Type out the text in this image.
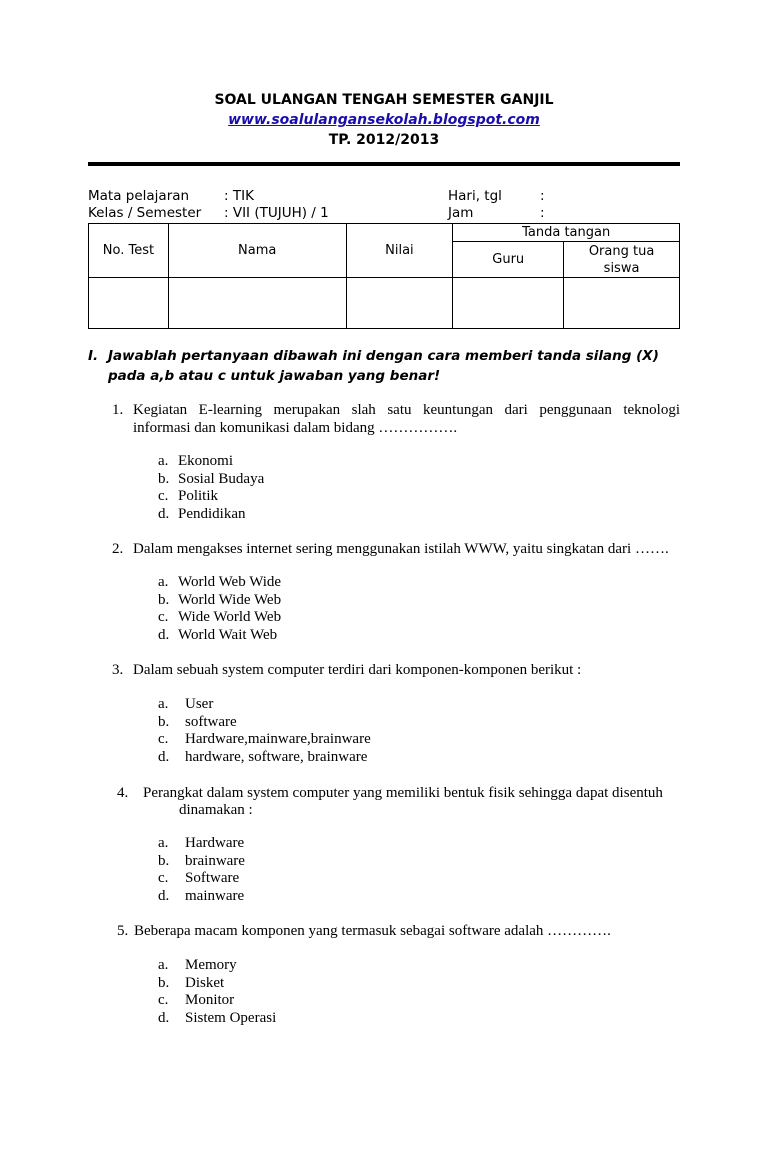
SOAL ULANGAN TENGAH SEMESTER GANJIL
www.soalulangansekolah.blogspot.com
TP. 2012/2013
Mata pelajaran	: TIK	Hari, tgl	:
Kelas / Semester : VII (TUJUH) / 1	Jam	:
No. Test	Nama	Nilai	Tanda tangan	
			Guru	Orang tua siswa

I. Jawablah pertanyaan dibawah ini dengan cara memberi tanda silang (X) pada a,b atau c untuk jawaban yang benar!
1. Kegiatan E-learning merupakan slah satu keuntungan dari penggunaan teknologi
informasi dan komunikasi dalam bidang …………….
a. Ekonomi
b. Sosial Budaya
c. Politik
d. Pendidikan
2. Dalam mengakses internet sering menggunakan istilah WWW, yaitu singkatan dari …….
a. World Web Wide
b. World Wide Web
c. Wide World Web
d. World Wait Web
3. Dalam sebuah system computer terdiri dari komponen-komponen berikut :
a. User
b. software
c. Hardware,mainware,brainware
d. hardware, software, brainware
4. Perangkat dalam system computer yang memiliki bentuk fisik sehingga dapat disentuh
dinamakan :
a. Hardware
b. brainware
c. Software
d. mainware
5. Beberapa macam komponen yang termasuk sebagai software adalah ………….
a. Memory
b. Disket
c. Monitor
d. Sistem Operasi
